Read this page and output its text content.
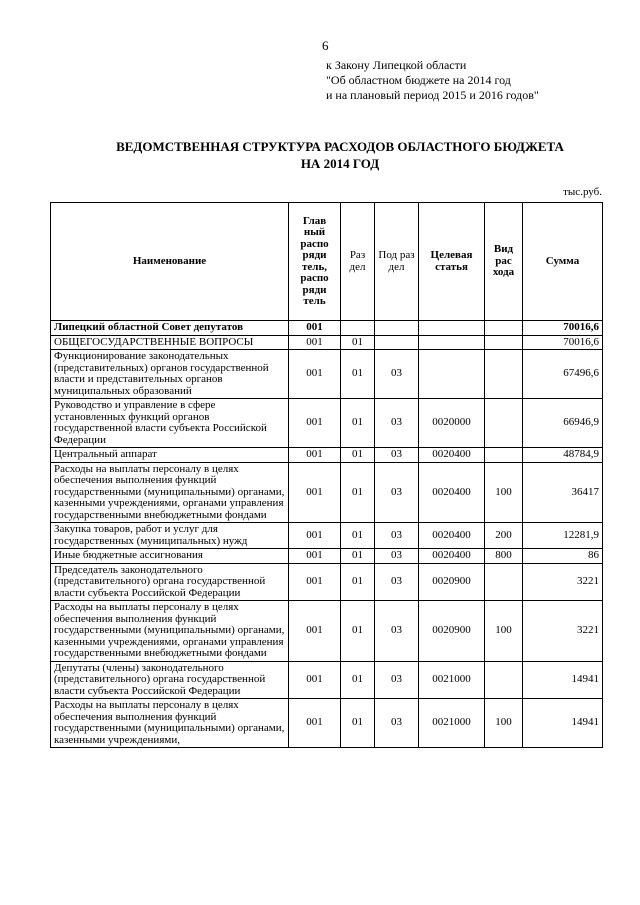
6
к Закону Липецкой области
"Об областном бюджете на 2014 год
и на плановый период 2015 и 2016 годов"
ВЕДОМСТВЕННАЯ СТРУКТУРА РАСХОДОВ ОБЛАСТНОГО БЮДЖЕТА
НА 2014 ГОД
тыс.руб.
Наименование	Глав ный распо ряди тель, распо ряди тель	Раз дел	Под раз дел	Целевая статья	Вид рас хода	Сумма
Липецкий областной Совет депутатов	001					70016,6
ОБЩЕГОСУДАРСТВЕННЫЕ ВОПРОСЫ	001	01				70016,6
Функционирование законодательных (представительных) органов государственной власти и представительных органов муниципальных образований	001	01	03			67496,6
Руководство и управление в сфере установленных функций органов государственной власти субъекта Российской Федерации	001	01	03	0020000		66946,9
Центральный аппарат	001	01	03	0020400		48784,9
Расходы на выплаты персоналу в целях обеспечения выполнения функций государственными (муниципальными) органами, казенными учреждениями, органами управления государственными внебюджетными фондами	001	01	03	0020400	100	36417
Закупка товаров, работ и услуг для государственных (муниципальных) нужд	001	01	03	0020400	200	12281,9
Иные бюджетные ассигнования	001	01	03	0020400	800	86
Председатель законодательного (представительного) органа государственной власти субъекта Российской Федерации	001	01	03	0020900		3221
Расходы на выплаты персоналу в целях обеспечения выполнения функций государственными (муниципальными) органами, казенными учреждениями, органами управления государственными внебюджетными фондами	001	01	03	0020900	100	3221
Депутаты (члены) законодательного (представительного) органа государственной власти субъекта Российской Федерации	001	01	03	0021000		14941
Расходы на выплаты персоналу в целях обеспечения выполнения функций государственными (муниципальными) органами, казенными учреждениями,	001	01	03	0021000	100	14941
